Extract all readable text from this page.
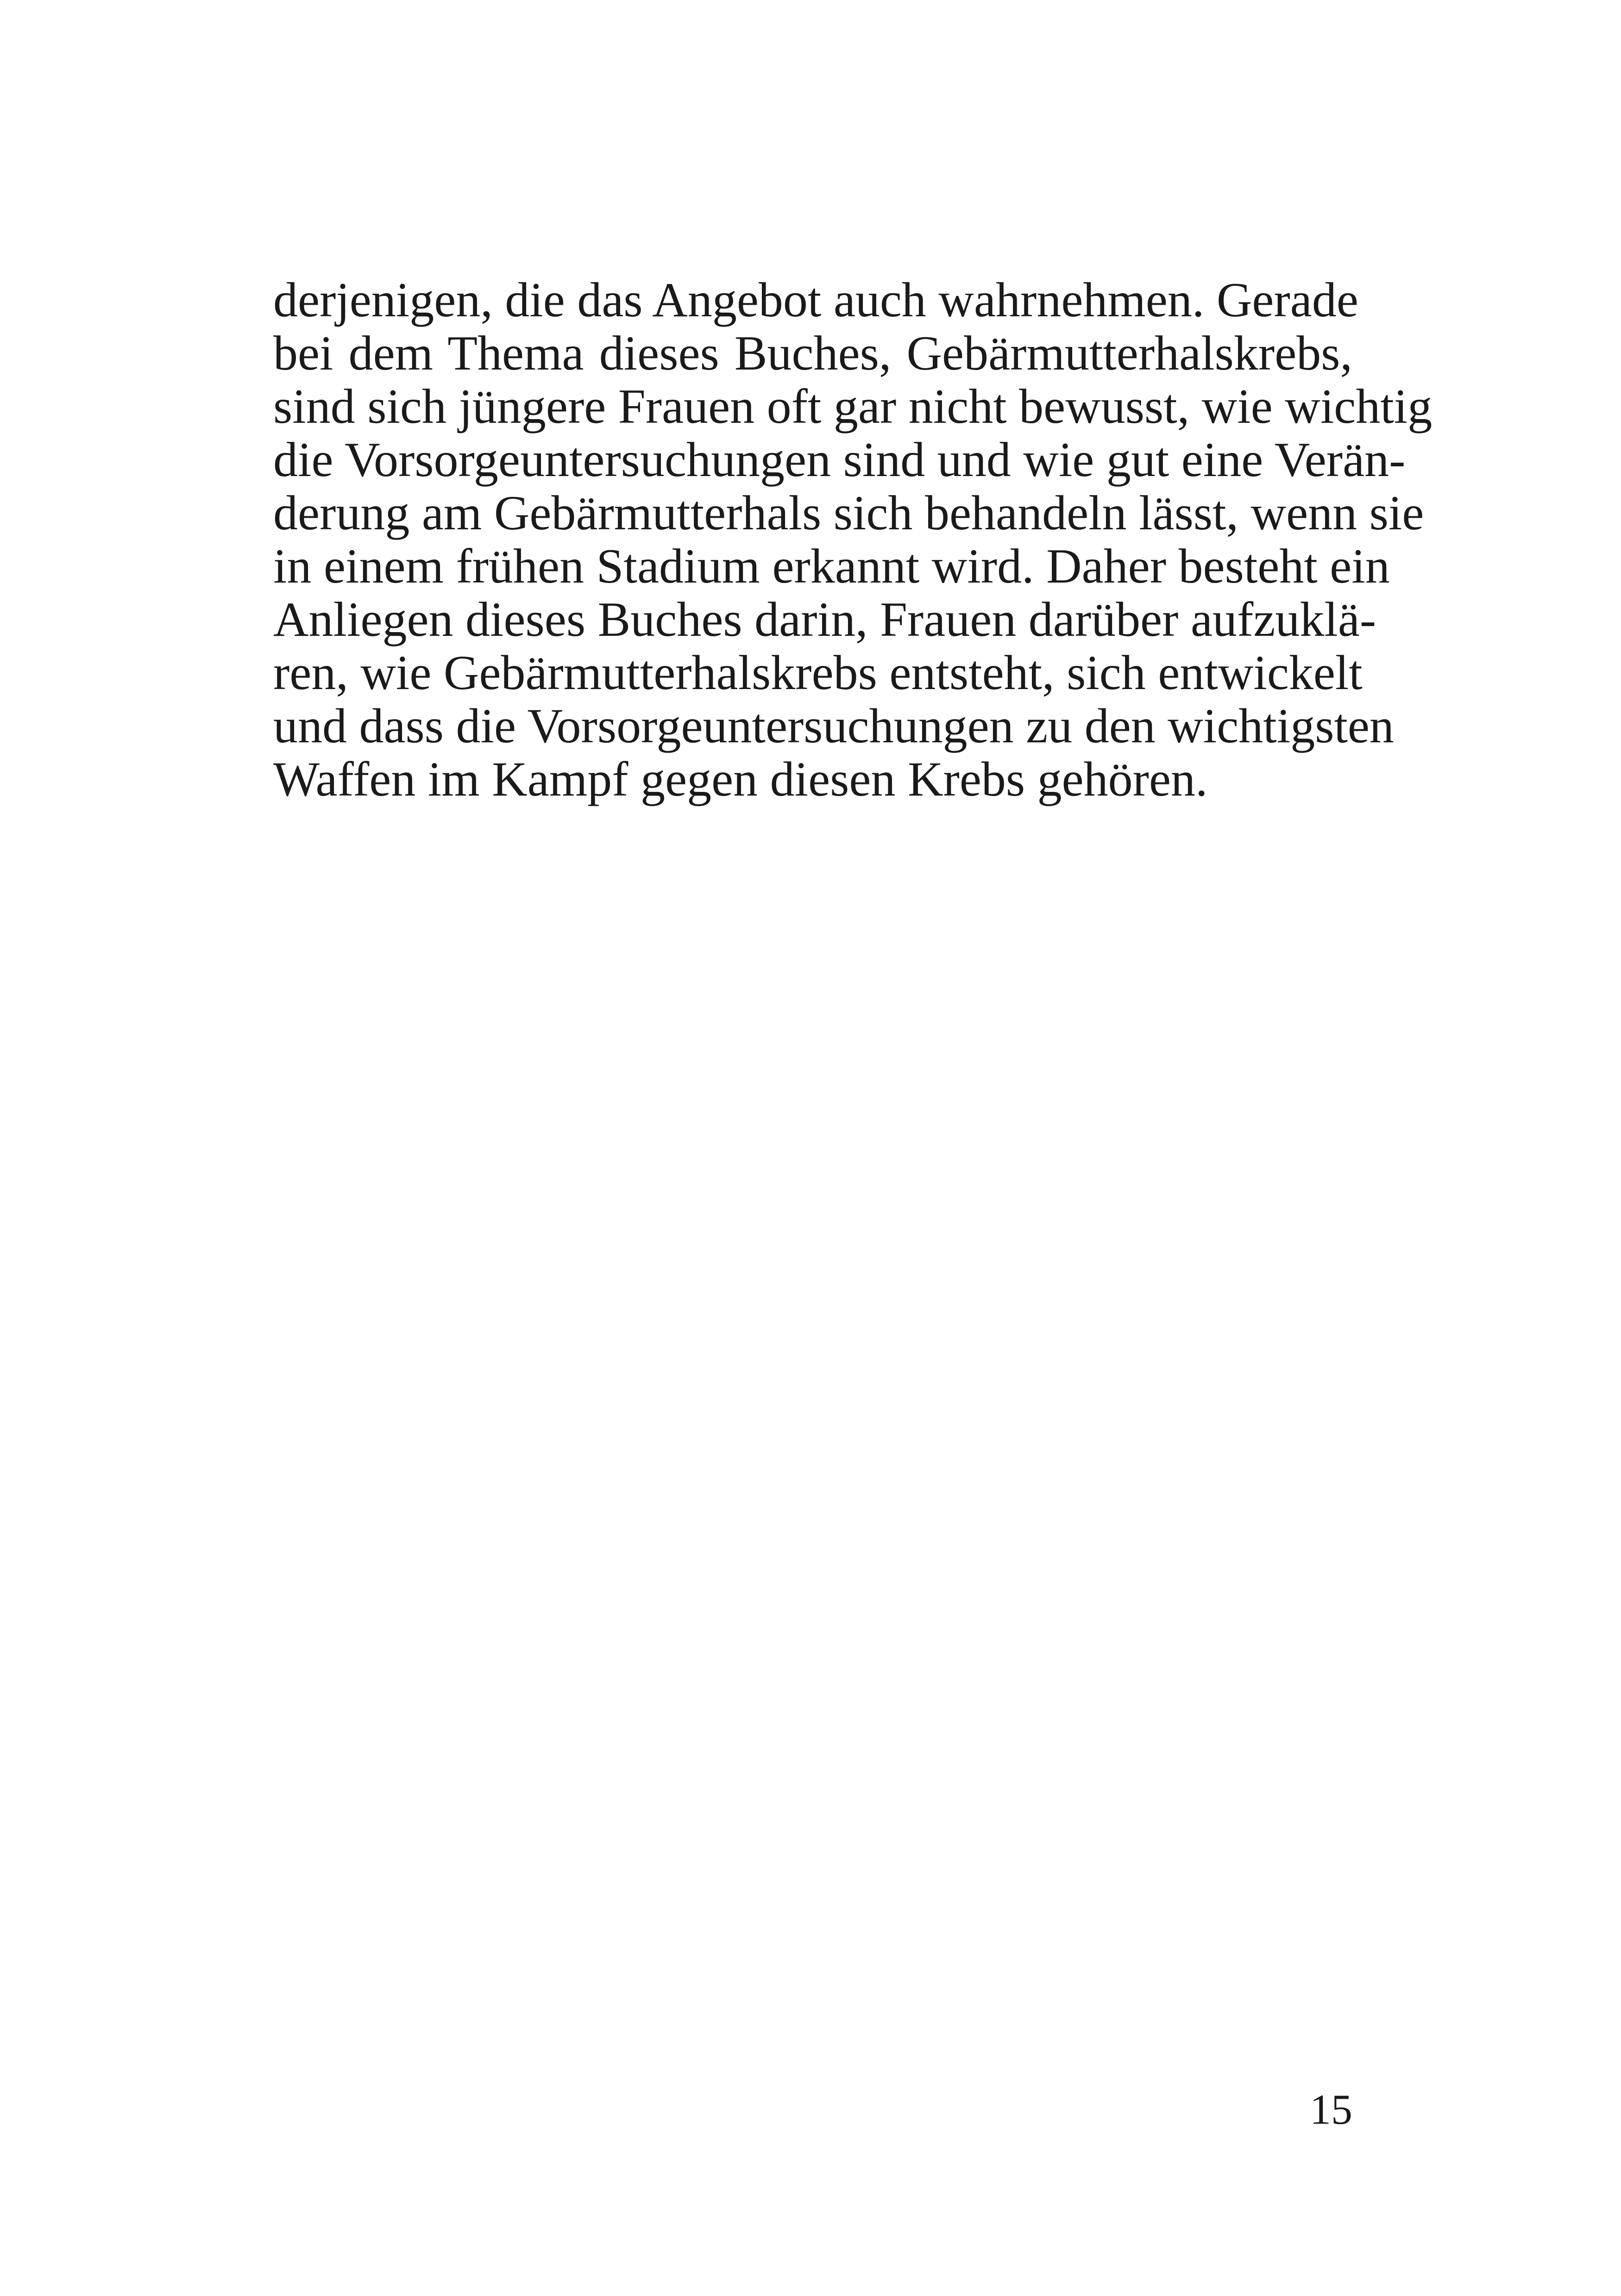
derjenigen, die das Angebot auch wahrnehmen. Gerade
bei dem Thema dieses Buches, Gebärmutterhalskrebs,
sind sich jüngere Frauen oft gar nicht bewusst, wie wichtig
die Vorsorgeuntersuchungen sind und wie gut eine Verän-
derung am Gebärmutterhals sich behandeln lässt, wenn sie
in einem frühen Stadium erkannt wird. Daher besteht ein
Anliegen dieses Buches darin, Frauen darüber aufzuklä-
ren, wie Gebärmutterhalskrebs entsteht, sich entwickelt
und dass die Vorsorgeuntersuchungen zu den wichtigsten
Waffen im Kampf gegen diesen Krebs gehören.
15
